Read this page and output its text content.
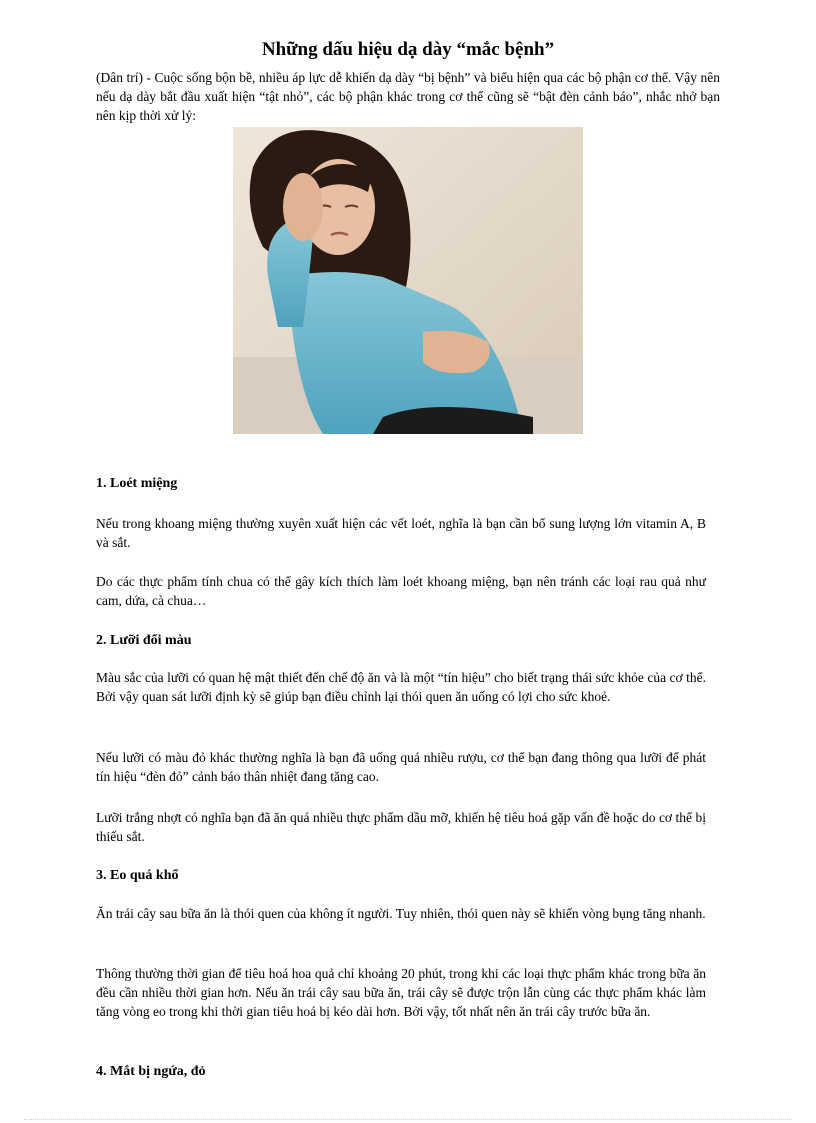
Những dấu hiệu dạ dày “mắc bệnh”

(Dân trí) - Cuộc sống bộn bề, nhiều áp lực dễ khiến dạ dày “bị bệnh” và biểu hiện qua các bộ phận cơ thể. Vậy nên nếu dạ dày bắt đầu xuất hiện “tật nhỏ”, các bộ phận khác trong cơ thể cũng sẽ “bật đèn cảnh báo”, nhắc nhở bạn nên kịp thời xử lý:

1. Loét miệng

Nếu trong khoang miệng thường xuyên xuất hiện các vết loét, nghĩa là bạn cần bổ sung lượng lớn vitamin A, B và sắt.

Do các thực phẩm tính chua có thể gây kích thích làm loét khoang miệng, bạn nên tránh các loại rau quả như cam, dứa, cà chua…

2. Lưỡi đổi màu

Màu sắc của lưỡi có quan hệ mật thiết đến chế độ ăn và là một “tín hiệu” cho biết trạng thái sức khỏe của cơ thể. Bởi vậy quan sát lưỡi định kỳ sẽ giúp bạn điều chỉnh lại thói quen ăn uống có lợi cho sức khoẻ.

Nếu lưỡi có màu đỏ khác thường nghĩa là bạn đã uống quá nhiều rượu, cơ thể bạn đang thông qua lưỡi để phát tín hiệu “đèn đỏ” cảnh báo thân nhiệt đang tăng cao.

Lưỡi trắng nhợt có nghĩa bạn đã ăn quá nhiều thực phẩm dầu mỡ, khiến hệ tiêu hoá gặp vấn đề hoặc do cơ thể bị thiếu sắt.

3. Eo quá khổ

Ăn trái cây sau bữa ăn là thói quen của không ít người. Tuy nhiên, thói quen này sẽ khiến vòng bụng tăng nhanh.

Thông thường thời gian để tiêu hoá hoa quả chỉ khoảng 20 phút, trong khi các loại thực phẩm khác trong bữa ăn đều cần nhiều thời gian hơn. Nếu ăn trái cây sau bữa ăn, trái cây sẽ được trộn lẫn cùng các thực phẩm khác làm tăng vòng eo trong khi thời gian tiêu hoá bị kéo dài hơn. Bởi vậy, tốt nhất nên ăn trái cây trước bữa ăn.

4. Mắt bị ngứa, đỏ
